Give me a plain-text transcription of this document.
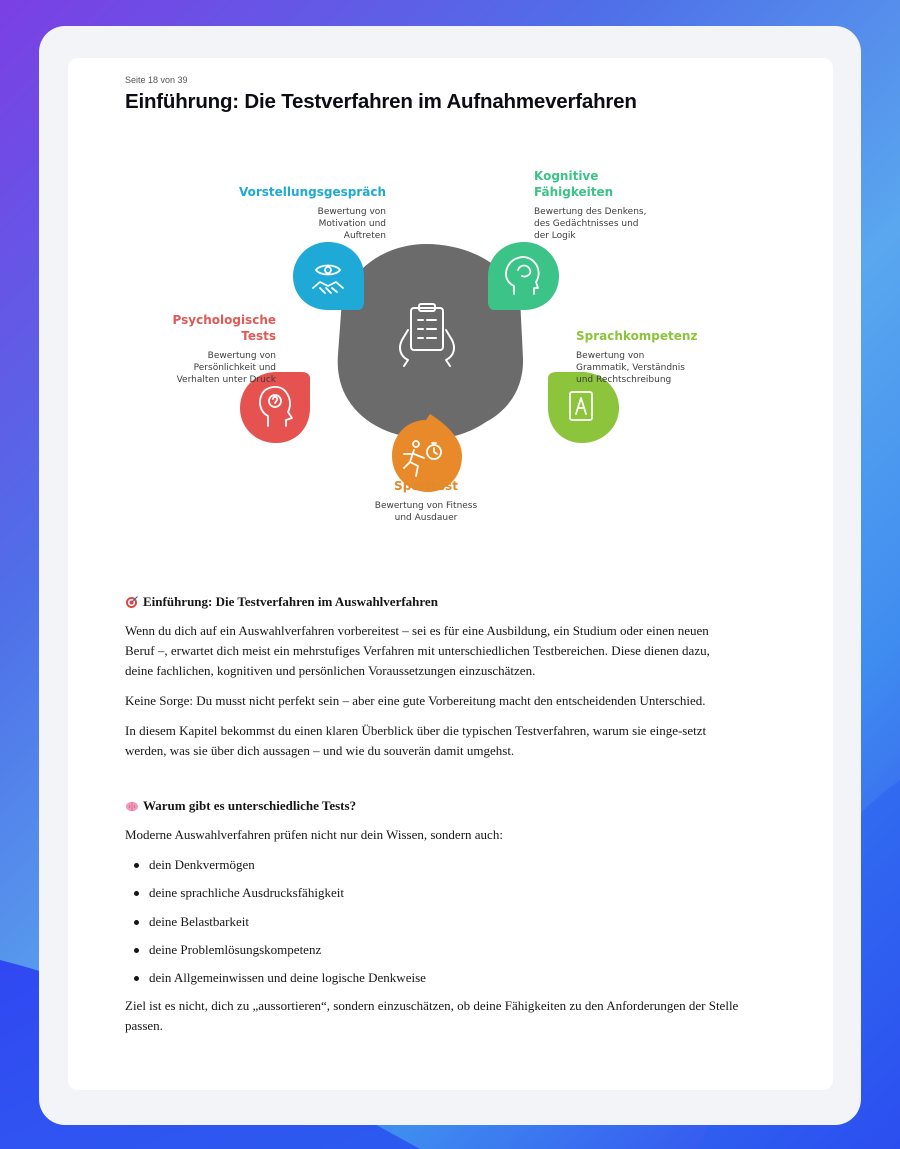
Seite 18 von 39
Einführung: Die Testverfahren im Aufnahmeverfahren
Vorstellungsgespräch
Bewertung von
Motivation und
Auftreten
Kognitive
Fähigkeiten
Bewertung des Denkens,
des Gedächtnisses und
der Logik
Sprachkompetenz
Bewertung von
Grammatik, Verständnis
und Rechtschreibung
Psychologische
Tests
Bewertung von
Persönlichkeit und
Verhalten unter Druck
Sporttest
Bewertung von Fitness
und Ausdauer
Einführung: Die Testverfahren im Auswahlverfahren

Wenn du dich auf ein Auswahlverfahren vorbereitest – sei es für eine Ausbildung, ein Studium oder einen neuen Beruf –, erwartet dich meist ein mehrstufiges Verfahren mit unterschiedlichen Testbereichen. Diese dienen dazu, deine fachlichen, kognitiven und persönlichen Voraussetzungen einzuschätzen.

Keine Sorge: Du musst nicht perfekt sein – aber eine gute Vorbereitung macht den entscheidenden Unterschied.

In diesem Kapitel bekommst du einen klaren Überblick über die typischen Testverfahren, warum sie einge-setzt werden, was sie über dich aussagen – und wie du souverän damit umgehst.

Warum gibt es unterschiedliche Tests?

Moderne Auswahlverfahren prüfen nicht nur dein Wissen, sondern auch:

dein Denkvermögen
deine sprachliche Ausdrucksfähigkeit
deine Belastbarkeit
deine Problemlösungskompetenz
dein Allgemeinwissen und deine logische Denkweise

Ziel ist es nicht, dich zu „aussortieren“, sondern einzuschätzen, ob deine Fähigkeiten zu den Anforderungen der Stelle passen.
